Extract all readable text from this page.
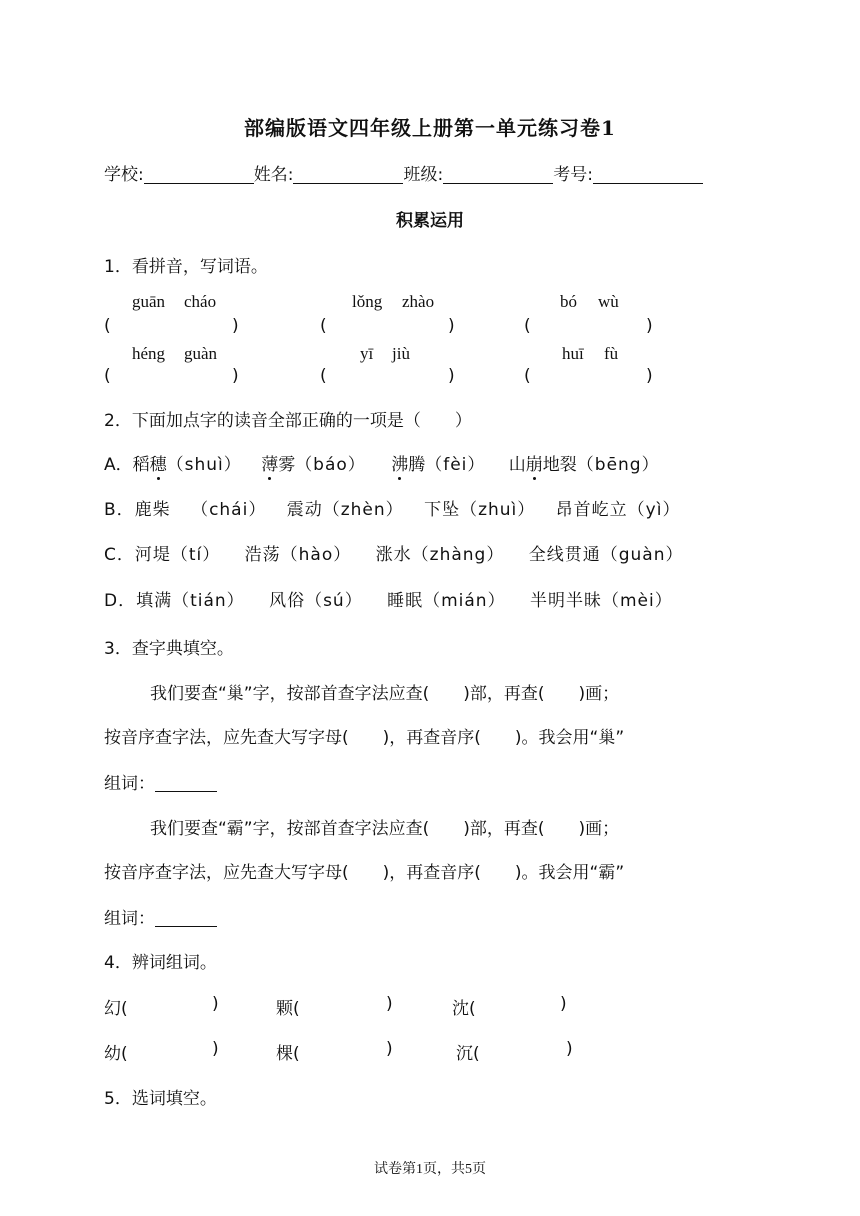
部编版语文四年级上册第一单元练习卷1
学校:	姓名:	班级:	考号:
积累运用
1．看拼音，写词语。
guān cháo	lǒng zhào	bó wù
(	)	(	)	(	)
héng guàn	yī jiù	huī fù
(	)	(	)	(	)
2．下面加点字的读音全部正确的一项是（　　）
A．稻穗（shuì） 薄雾（báo） 沸腾（fèi） 山崩地裂（bēng）
B．鹿柴 （chái） 震动（zhèn） 下坠（zhuì） 昂首屹立（yì）
C．河堤（tí） 浩荡（hào） 涨水（zhàng） 全线贯通（guàn）
D．填满（tián） 风俗（sú） 睡眠（mián） 半明半昧（mèi）
3．查字典填空。
我们要查“巢”字，按部首查字法应查(　　)部，再查(　　)画；
按音序查字法，应先查大写字母(　　)，再查音序(　　)。我会用“巢”
组词：
我们要查“霸”字，按部首查字法应查(　　)部，再查(　　)画；
按音序查字法，应先查大写字母(　　)，再查音序(　　)。我会用“霸”
组词：
4．辨词组词。
幻(	)	颗(	)	沈(	)
幼(	)	棵(	)	沉(	)
5．选词填空。
试卷第1页，共5页
